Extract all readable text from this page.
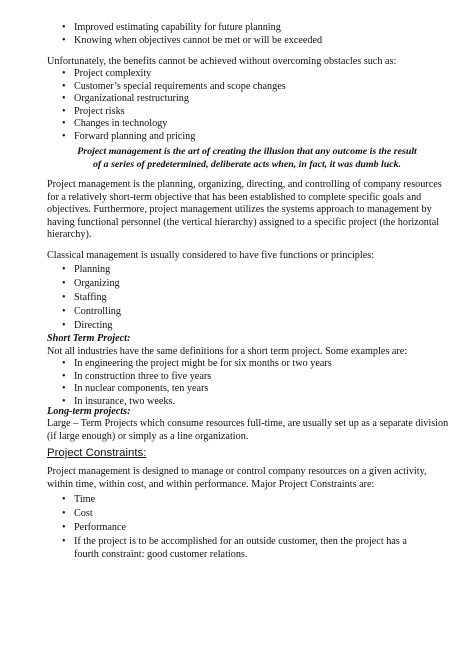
• Improved estimating capability for future planning
• Knowing when objectives cannot be met or will be exceeded

Unfortunately, the benefits cannot be achieved without overcoming obstacles such as:

• Project complexity
• Customer’s special requirements and scope changes
• Organizational restructuring
• Project risks
• Changes in technology
• Forward planning and pricing
Project management is the art of creating the illusion that any outcome is the result
of a series of predetermined, deliberate acts when, in fact, it was dumb luck.

Project management is the planning, organizing, directing, and controlling of company resources for a relatively short-term objective that has been established to complete specific goals and objectives. Furthermore, project management utilizes the systems approach to management by having functional personnel (the vertical hierarchy) assigned to a specific project (the horizontal hierarchy).

Classical management is usually considered to have five functions or principles:

• Planning
• Organizing
• Staffing
• Controlling
• Directing

Short Term Project:

Not all industries have the same definitions for a short term project. Some examples are:

• In engineering the project might be for six months or two years
• In construction three to five years
• In nuclear components, ten years
• In insurance, two weeks.

Long-term projects:

Large – Term Projects which consume resources full-time, are usually set up as a separate division (if large enough) or simply as a line organization.

Project Constraints:

Project management is designed to manage or control company resources on a given activity, within time, within cost, and within performance. Major Project Constraints are:

• Time
• Cost
• Performance
• If the project is to be accomplished for an outside customer, then the project has a fourth constraint: good customer relations.
